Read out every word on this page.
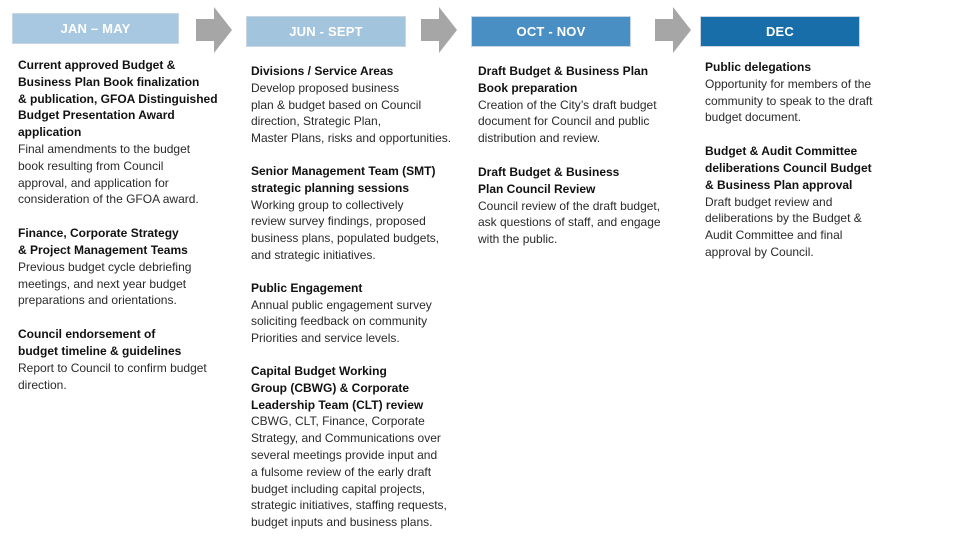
JAN – MAY	JUN - SEPT	OCT - NOV	DEC
Current approved Budget &
Business Plan Book finalization
& publication, GFOA Distinguished
Budget Presentation Award
application
Final amendments to the budget
book resulting from Council
approval, and application for
consideration of the GFOA award.
Finance, Corporate Strategy
& Project Management Teams
Previous budget cycle debriefing
meetings, and next year budget
preparations and orientations.
Council endorsement of
budget timeline & guidelines
Report to Council to confirm budget
direction.
Divisions / Service Areas
Develop proposed business
plan & budget based on Council
direction, Strategic Plan,
Master Plans, risks and opportunities.
Senior Management Team (SMT)
strategic planning sessions
Working group to collectively
review survey findings, proposed
business plans, populated budgets,
and strategic initiatives.
Public Engagement
Annual public engagement survey
soliciting feedback on community
Priorities and service levels.
Capital Budget Working
Group (CBWG) & Corporate
Leadership Team (CLT) review
CBWG, CLT, Finance, Corporate
Strategy, and Communications over
several meetings provide input and
a fulsome review of the early draft
budget including capital projects,
strategic initiatives, staffing requests,
budget inputs and business plans.
Draft Budget & Business Plan
Book preparation
Creation of the City’s draft budget
document for Council and public
distribution and review.
Draft Budget & Business
Plan Council Review
Council review of the draft budget,
ask questions of staff, and engage
with the public.
Public delegations
Opportunity for members of the
community to speak to the draft
budget document.
Budget & Audit Committee
deliberations Council Budget
& Business Plan approval
Draft budget review and
deliberations by the Budget &
Audit Committee and final
approval by Council.
